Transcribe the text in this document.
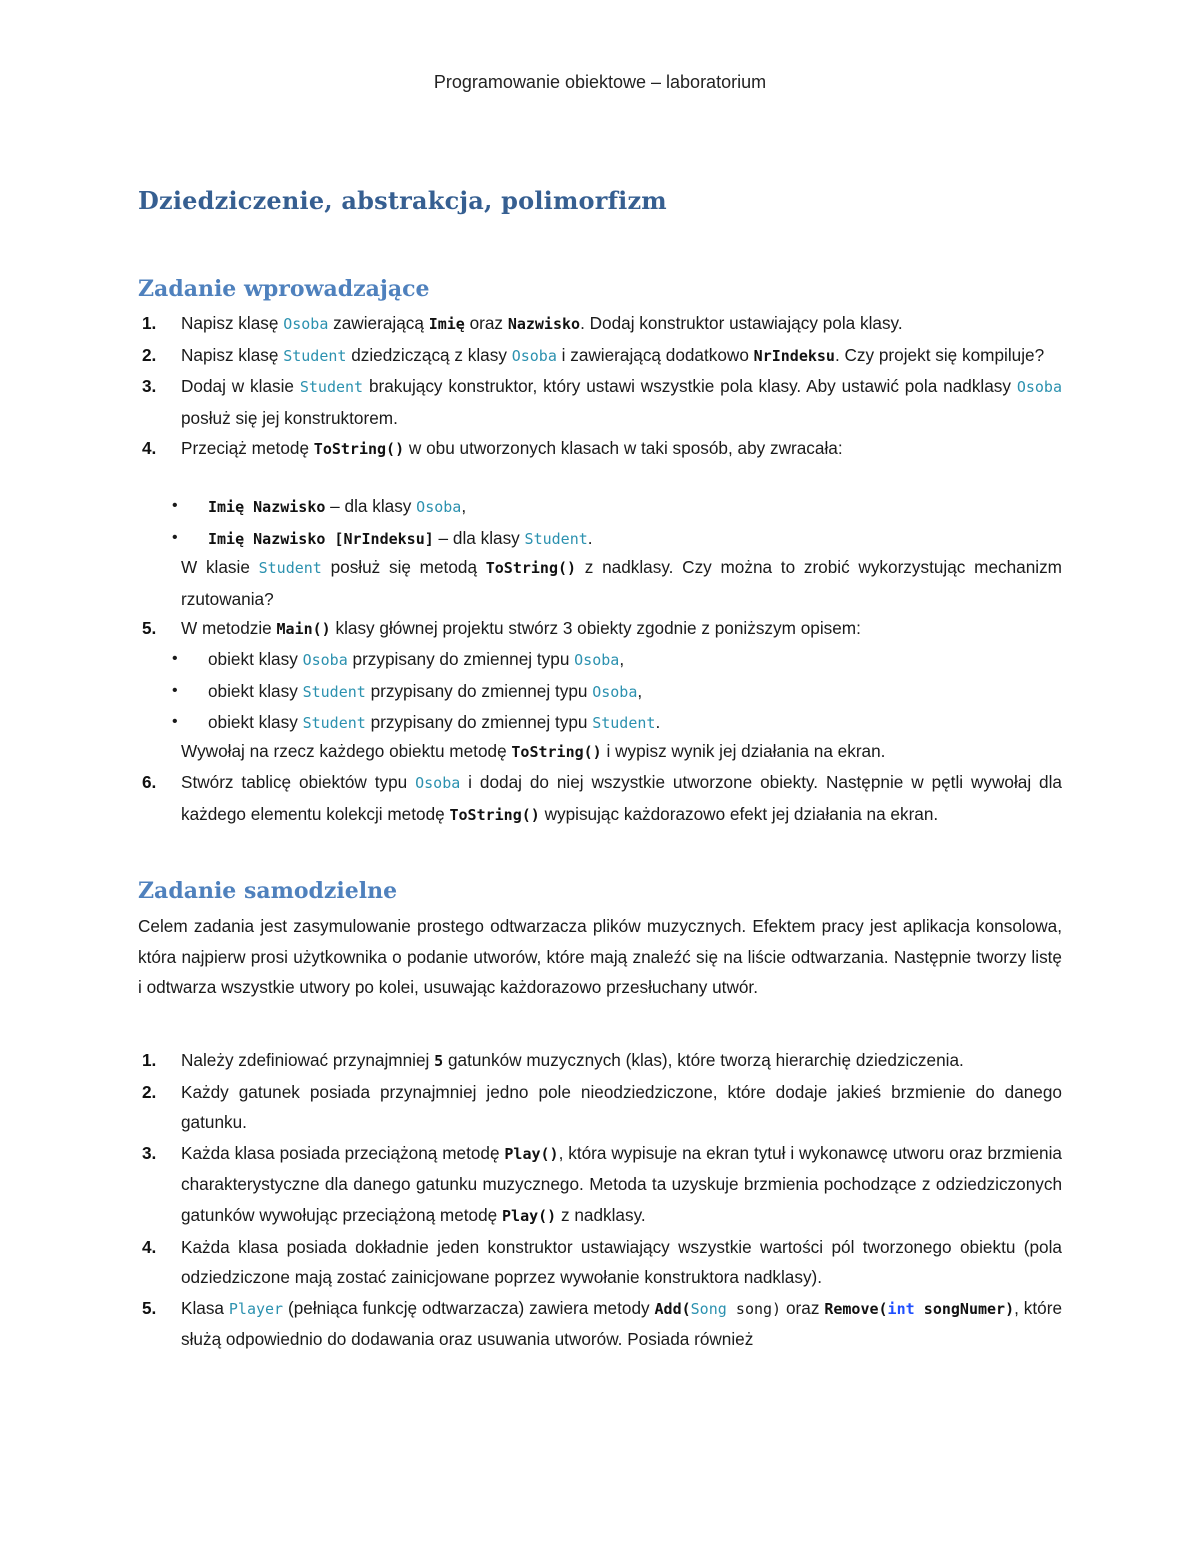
Programowanie obiektowe – laboratorium
Dziedziczenie, abstrakcja, polimorfizm
Zadanie wprowadzające
1. Napisz klasę Osoba zawierającą Imię oraz Nazwisko. Dodaj konstruktor ustawiający pola klasy.
2. Napisz klasę Student dziedziczącą z klasy Osoba i zawierającą dodatkowo NrIndeksu. Czy projekt się kompiluje?
3. Dodaj w klasie Student brakujący konstruktor, który ustawi wszystkie pola klasy. Aby ustawić pola nadklasy Osoba posłuż się jej konstruktorem.
4. Przeciąż metodę ToString() w obu utworzonych klasach w taki sposób, aby zwracała:
• Imię Nazwisko – dla klasy Osoba,
• Imię Nazwisko [NrIndeksu] – dla klasy Student.
W klasie Student posłuż się metodą ToString() z nadklasy. Czy można to zrobić wykorzystując mechanizm rzutowania?
5. W metodzie Main() klasy głównej projektu stwórz 3 obiekty zgodnie z poniższym opisem:
• obiekt klasy Osoba przypisany do zmiennej typu Osoba,
• obiekt klasy Student przypisany do zmiennej typu Osoba,
• obiekt klasy Student przypisany do zmiennej typu Student.
Wywołaj na rzecz każdego obiektu metodę ToString() i wypisz wynik jej działania na ekran.
6. Stwórz tablicę obiektów typu Osoba i dodaj do niej wszystkie utworzone obiekty. Następnie w pętli wywołaj dla każdego elementu kolekcji metodę ToString() wypisując każdorazowo efekt jej działania na ekran.
Zadanie samodzielne

Celem zadania jest zasymulowanie prostego odtwarzacza plików muzycznych. Efektem pracy jest aplikacja konsolowa, która najpierw prosi użytkownika o podanie utworów, które mają znaleźć się na liście odtwarzania. Następnie tworzy listę i odtwarza wszystkie utwory po kolei, usuwając każdorazowo przesłuchany utwór.

1. Należy zdefiniować przynajmniej 5 gatunków muzycznych (klas), które tworzą hierarchię dziedziczenia.
2. Każdy gatunek posiada przynajmniej jedno pole nieodziedziczone, które dodaje jakieś brzmienie do danego gatunku.
3. Każda klasa posiada przeciążoną metodę Play(), która wypisuje na ekran tytuł i wykonawcę utworu oraz brzmienia charakterystyczne dla danego gatunku muzycznego. Metoda ta uzyskuje brzmienia pochodzące z odziedziczonych gatunków wywołując przeciążoną metodę Play() z nadklasy.
4. Każda klasa posiada dokładnie jeden konstruktor ustawiający wszystkie wartości pól tworzonego obiektu (pola odziedziczone mają zostać zainicjowane poprzez wywołanie konstruktora nadklasy).
5. Klasa Player (pełniąca funkcję odtwarzacza) zawiera metody Add(Song song) oraz Remove(int songNumer), które służą odpowiednio do dodawania oraz usuwania utworów. Posiada również
